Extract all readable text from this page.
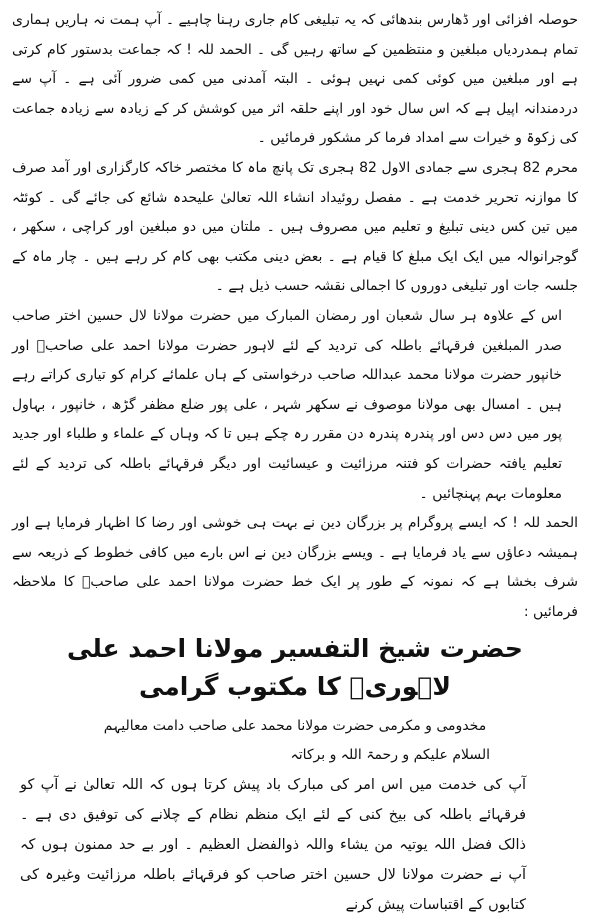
حوصلہ افزائی اور ڈھارس بندھائی کہ یہ تبلیغی کام جاری رہنا چاہیے ۔ آپ ہمت نہ ہاریں ہماری تمام ہمدردیاں مبلغین و منتظمین کے ساتھ رہیں گی ۔ الحمد للہ ! کہ جماعت بدستور کام کرتی ہے اور مبلغین میں کوئی کمی نہیں ہوئی ۔ البتہ آمدنی میں کمی ضرور آئی ہے ۔ آپ سے دردمندانہ اپیل ہے کہ اس سال خود اور اپنے حلقہ اثر میں کوشش کر کے زیادہ سے زیادہ جماعت کی زکوۃ و خیرات سے امداد فرما کر مشکور فرمائیں ۔

محرم 82 ہجری سے جمادی الاول 82 ہجری تک پانچ ماہ کا مختصر خاکہ کارگزاری اور آمد صرف کا موازنہ تحریر خدمت ہے ۔ مفصل روئیداد انشاء اللہ تعالیٰ علیحدہ شائع کی جائے گی ۔ کوئٹہ میں تین کس دینی تبلیغ و تعلیم میں مصروف ہیں ۔ ملتان میں دو مبلغین اور کراچی ، سکھر ، گوجرانوالہ میں ایک ایک مبلغ کا قیام ہے ۔ بعض دینی مکتب بھی کام کر رہے ہیں ۔ چار ماہ کے جلسہ جات اور تبلیغی دوروں کا اجمالی نقشہ حسب ذیل ہے ۔

اس کے علاوہ ہر سال شعبان اور رمضان المبارک میں حضرت مولانا لال حسین اختر صاحب صدر المبلغین فرقہائے باطلہ کی تردید کے لئے لاہور حضرت مولانا احمد علی صاحبؒ اور خانپور حضرت مولانا محمد عبداللہ صاحب درخواستی کے ہاں علمائے کرام کو تیاری کراتے رہے ہیں ۔ امسال بھی مولانا موصوف نے سکھر شہر ، علی پور ضلع مظفر گڑھ ، خانپور ، بہاول پور میں دس دس اور پندرہ پندرہ دن مقرر رہ چکے ہیں تا کہ وہاں کے علماء و طلباء اور جدید تعلیم یافتہ حضرات کو فتنہ مرزائیت و عیسائیت اور دیگر فرقہائے باطلہ کی تردید کے لئے معلومات بہم پہنچائیں ۔

الحمد للہ ! کہ ایسے پروگرام پر بزرگان دین نے بہت ہی خوشی اور رضا کا اظہار فرمایا ہے اور ہمیشہ دعاؤں سے یاد فرمایا ہے ۔ ویسے بزرگان دین نے اس بارے میں کافی خطوط کے ذریعہ سے شرف بخشا ہے کہ نمونہ کے طور پر ایک خط حضرت مولانا احمد علی صاحبؒ کا ملاحظہ فرمائیں :

حضرت شیخ التفسیر مولانا احمد علی لاہوریؒ کا مکتوب گرامی

مخدومی و مکرمی حضرت مولانا محمد علی صاحب دامت معالیہم

السلام علیکم و رحمۃ اللہ و برکاتہ

آپ کی خدمت میں اس امر کی مبارک باد پیش کرتا ہوں کہ اللہ تعالیٰ نے آپ کو فرقہائے باطلہ کی بیخ کنی کے لئے ایک منظم نظام کے چلانے کی توفیق دی ہے ۔ ذالک فضل اللہ یوتیہ من یشاء واللہ ذوالفضل العظیم ۔ اور بے حد ممنون ہوں کہ آپ نے حضرت مولانا لال حسین اختر صاحب کو فرقہائے باطلہ مرزائیت وغیرہ کی کتابوں کے اقتباسات پیش کرنے
